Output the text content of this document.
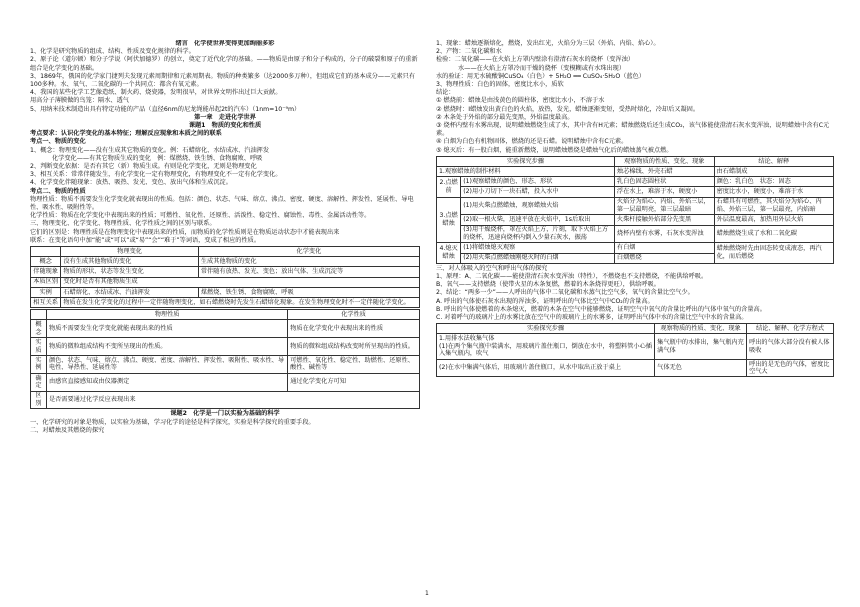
绪言　化学使世界变得更加绚丽多彩
1、化学是研究物质的组成、结构、性质及变化规律的科学。
2、原子论（道尔顿）和分子学说（阿伏加德罗）的创立，奠定了近代化学的基础。——物质是由原子和分子构成的，分子的破裂和原子的重新组合是化学变化的基础。
3、1869年，俄国的化学家门捷列夫发现元素周期律和元素周期表。物质的种类繁多（达2000多万种），但组成它们的基本成分——元素只有100多种。水、氧气、二氧化碳的一个共同点：都含有氧元素。
4、我国的某些化学工艺像造纸、制火药、烧瓷器，发明很早，对世界文明作出过巨大贡献。
用高分子薄膜做的鸟笼：隔水、透气
5、用纳米技术制造出具有特定功能的产品（直径6nm的尼龙绳能吊起2t的汽车）（1nm=10⁻⁹m）
第一章　走进化学世界
课题1　物质的变化和性质
考点要求：认识化学变化的基本特征；理解反应现象和本质之间的联系
考点一、物质的变化
1、概念：物理变化——没有生成其它物质的变化。例：石蜡熔化、水结成冰、汽油挥发
化学变化——有其它物质生成的变化　例：煤燃烧、铁生锈、食物腐败、呼吸
2、判断变化依据：是否有其它（新）物质生成。有则是化学变化，无则是物理变化
3、相互关系：常常伴随发生，有化学变化一定有物理变化，有物理变化不一定有化学变化。
4、化学变化伴随现象：放热、吸热、发光、变色、放出气体和生成沉淀。
考点二、物质的性质
物理性质：物质不需要发生化学变化就表现出的性质。包括：颜色、状态、气味、熔点、沸点、密度、硬度、溶解性、挥发性、延展性、导电性、吸水性、吸附性等。
化学性质：物质在化学变化中表现出来的性质；可燃性、氧化性、还原性、活泼性、稳定性、腐蚀性、毒性、金属活动性等。
三、物理变化、化学变化、物理性质、化学性质之间的区别与联系。
它们的区别是：物理性质是在物理变化中表现出来的性质，而物质的化学性质则是在物质运动状态中才能表现出来
联系：在变化语句中加“能”或“可以”或“易”“会”“难于”等词语，变成了相应的性质。
	物理变化	化学变化
概念	没有生成其他物质的变化	生成其他物质的变化
伴随现象	物质的形状、状态等发生变化	常伴随有放热、发光、变色；放出气体、生成沉淀等
本质区别	变化时是否有其他物质生成	
实例	石蜡熔化、水结成冰、汽油挥发	煤燃烧、铁生锈、食物腐败、呼吸
相互关系	物质在发生化学变化的过程中一定伴随物理变化，如石蜡燃烧时先发生石蜡熔化现象。在发生物理变化时不一定伴随化学变化。	
	物理性质	化学性质
概念	物质不需要发生化学变化就能表现出来的性质	物质在化学变化中表现出来的性质
实质	物质的微粒组成结构不变所呈现出的性质。	物质的微粒组成结构改变时所呈现出的性质。
实例	颜色、状态、气味、熔点、沸点、硬度、密度、溶解性、挥发性、吸附性、吸水性、导电性、导热性、延展性等	可燃性、氧化性、稳定性、助燃性、还原性、酸性、碱性等
确定	由感官直接感知或由仪器测定	通过化学变化方可知
区别	是否需要通过化学反应表现出来	
课题2　化学是一门以实验为基础的科学
一、化学研究的对象是物质，以实验为基础，学习化学的途径是科学探究，实验是科学探究的重要手段。
二、对蜡烛及其燃烧的探究
1、现象：蜡烛逐渐熔化，燃烧，发出红光，火焰分为三层（外焰、内焰、焰心）。
2、产物：二氧化碳和水
检验：二氧化碳——在火焰上方罩内壁涂有澄清石灰水的烧杯（变浑浊）
水——在火焰上方罩冷而干燥的烧杯（变模糊或有水珠出现）
水的验证：用无水硫酸铜CuSO₄（白色）+ 5H₂O ══ CuSO₄·5H₂O（蓝色）
3、物理性质：白色的固体，密度比水小，质软
结论：
① 燃烧前：蜡烛是由浅黄色的圆柱体，密度比水小，不溶于水
② 燃烧时：Ⅰ蜡烛发出黄白色的火焰，放热，发光，蜡烛逐渐变短，受热时熔化，冷却后又凝固。
② 木条处于外焰的部分最先变黑，外焰温度最高。
③ 烧杯内壁有水雾出现，说明蜡烛燃烧生成了水，其中含有H元素；蜡烛燃烧后还生成CO₂，该气体能使澄清石灰水变浑浊，说明蜡烛中含有C元素。
④ 白烟为白色有机物固体，燃烧的还是石蜡。说明蜡烛中含有C元素。
⑤ 熄灭后：有一股白烟，能重新燃烧，说明蜡烛燃烧是蜡烛气化后的蜡烛蒸气被点燃。
实验探究步骤		观察物质的性质、变化、现象	结论、解释
1.观察蜡烛的制作材料		烛芯棉线、外壳石蜡	由石蜡制成
2.点燃前	(1)观察蜡烛的颜色、形态、形状	乳白色固态圆柱状	颜色：乳白色　状态：固态
	(2)用小刀切下一块石蜡，投入水中	浮在水上，难溶于水，硬度小	密度比水小，硬度小，难溶于水
3.点燃蜡烛	(1)用火柴点燃蜡烛，观察蜡烛火焰	火焰分为焰心、内焰、外焰三层，第一层最明亮，第三层最暗	石蜡具有可燃性，其火焰分为焰心、内焰、外焰三层，第一层最亮，内焰暗
	(2)取一根火柴，迅速平放在火焰中，1s后取出	火柴杆接触外焰部分先变黑	外层温度最高，加热用外层火焰
	(3)用干燥烧杯，罩在火焰上方，片刻，取下火焰上方的烧杯，迅速向烧杯内倒入少量石灰水，振荡	烧杯内壁有水雾，石灰水变浑浊	蜡烛燃烧生成了水和二氧化碳
4.熄灭蜡烛	(1)将蜡烛熄灭观察	有白烟	蜡烛燃烧时先由固态转变成液态，再汽化，而后燃烧
	(2)用火柴点燃蜡烛刚熄灭时的白烟	白烟燃烧	
三、对人体吸入的空气和呼出气体的探究
1、原理：A、二氧化碳——能使澄清石灰水变浑浊（特性），不燃烧也不支持燃烧，不能供给呼吸。
B、氧气——支持燃烧（使带火星的木条复燃，燃着的木条烧得更旺），供给呼吸。
2、结论：“两多一少”——人呼出的气体中二氧化碳和水蒸气比空气多，氧气的含量比空气少。
A. 呼出的气体使石灰水出现的浑浊多，证明呼出的气体比空气中CO₂的含量高。
B. 呼出的气体使燃着的木条熄灭，燃着的木条在空气中能够燃烧，证明空气中氧气的含量比呼出的气体中氧气的含量高。
C. 对着呼气的玻璃片上的水雾比放在空气中的玻璃片上的水雾多，证明呼出气体中水的含量比空气中水的含量高。
实验探究步骤	观察物质的性质、变化、现象	结论、解释、化学方程式
1.用排水法收集气体
(1)在两个集气瓶中装满水，用玻璃片盖住瓶口，倒放在水中，将塑料管小心插入集气瓶内，吹气	集气瓶中的水排出，集气瓶内充满气体	呼出的气体大部分没有被人体吸收
(2)在水中集满气体后，用玻璃片盖住瓶口，从水中取出正放于桌上	气体无色	呼出的是无色的气体，密度比空气大
1
